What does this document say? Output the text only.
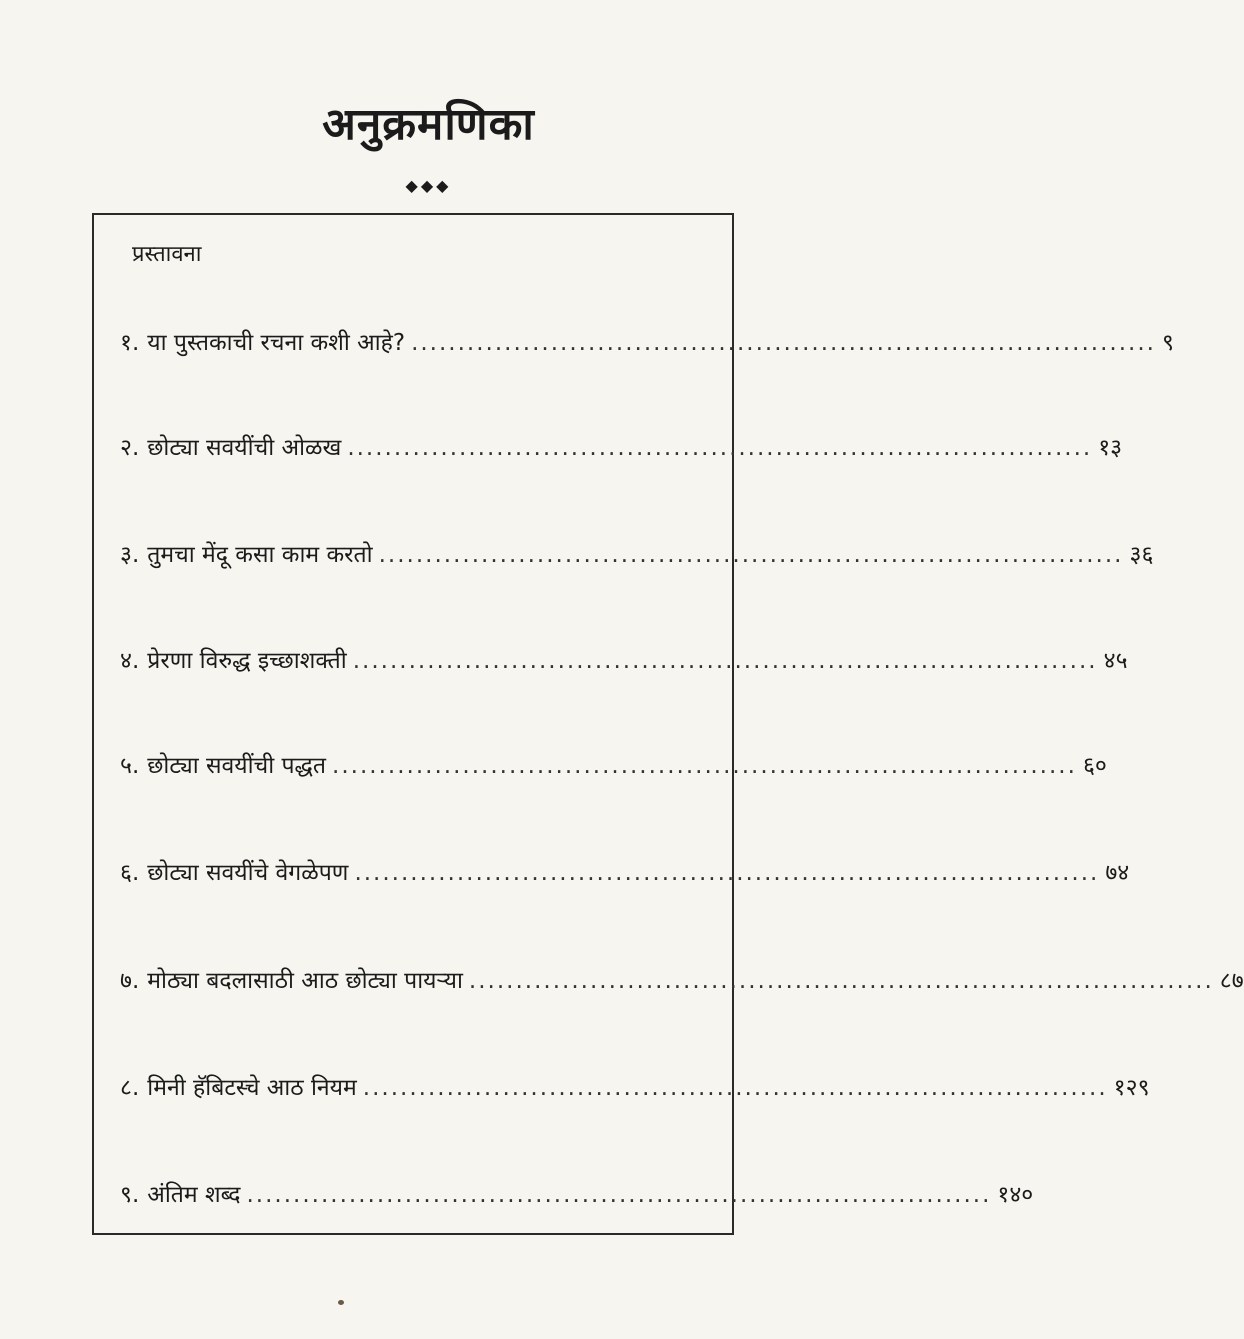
अनुक्रमणिका
◆◆◆
प्रस्तावना
१. या पुस्तकाची रचना कशी आहे? ................................................................................ ९
२. छोट्या सवयींची ओळख ................................................................................ १३
३. तुमचा मेंदू कसा काम करतो ................................................................................ ३६
४. प्रेरणा विरुद्ध इच्छाशक्ती ................................................................................ ४५
५. छोट्या सवयींची पद्धत ................................................................................ ६०
६. छोट्या सवयींचे वेगळेपण ................................................................................ ७४
७. मोठ्या बदलासाठी आठ छोट्या पायऱ्या ................................................................................ ८७
८. मिनी हॅबिटस्चे आठ नियम ................................................................................ १२९
९. अंतिम शब्द ................................................................................ १४०
